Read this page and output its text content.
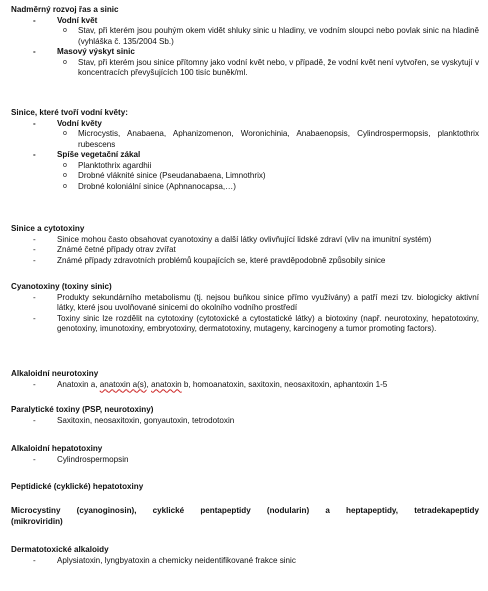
Nadměrný rozvoj řas a sinic
-	Vodní květ
o Stav, při kterém jsou pouhým okem vidět shluky sinic u hladiny, ve vodním sloupci nebo povlak sinic na hladině (vyhláška č. 135/2004 Sb.)
-	Masový výskyt sinic
o Stav, při kterém jsou sinice přítomny jako vodní květ nebo, v případě, že vodní květ není vytvořen, se vyskytují v koncentracích převyšujících 100 tisíc buněk/ml.
Sinice, které tvoří vodní květy:
-	Vodní květy
o Microcystis, Anabaena, Aphanizomenon, Woronichinia, Anabaenopsis, Cylindrospermopsis, planktothrix rubescens
-	Spíše vegetační zákal
o Planktothrix agardhii
o Drobné vláknité sinice (Pseudanabaena, Limnothrix)
o Drobné koloniální sinice (Aphnanocapsa,…)
Sinice a cytotoxiny
-	Sinice mohou často obsahovat cyanotoxiny a další látky ovlivňující lidské zdraví (vliv na imunitní systém)
-	Známé četné případy otrav zvířat
-	Známé případy zdravotních problémů koupajících se, které pravděpodobně způsobily sinice
Cyanotoxiny (toxiny sinic)
-	Produkty sekundárního metabolismu (tj. nejsou buňkou sinice přímo využívány) a patří mezi tzv. biologicky aktivní látky, které jsou uvolňované sinicemi do okolního vodního prostředí
-	Toxiny sinic lze rozdělit na cytotoxiny (cytotoxické a cytostatické látky) a biotoxiny (např. neurotoxiny, hepatotoxiny, genotoxiny, imunotoxiny, embryotoxiny, dermatotoxiny, mutageny, karcinogeny a tumor promoting factors).
Alkaloidní neurotoxiny
-	Anatoxin a, anatoxin a(s), anatoxin b, homoanatoxin, saxitoxin, neosaxitoxin, aphantoxin 1-5
Paralytické toxiny (PSP, neurotoxiny)
-	Saxitoxin, neosaxitoxin, gonyautoxin, tetrodotoxin
Alkaloidní hepatotoxiny
-	Cylindrospermopsin
Peptidické (cyklické) hepatotoxiny
Microcystiny (cyanoginosin), cyklické pentapeptidy (nodularin) a heptapeptidy, tetradekapeptidy
(mikroviridin)
Dermatotoxické alkaloidy
-	Aplysiatoxin, lyngbyatoxin a chemicky neidentifikované frakce sinic
